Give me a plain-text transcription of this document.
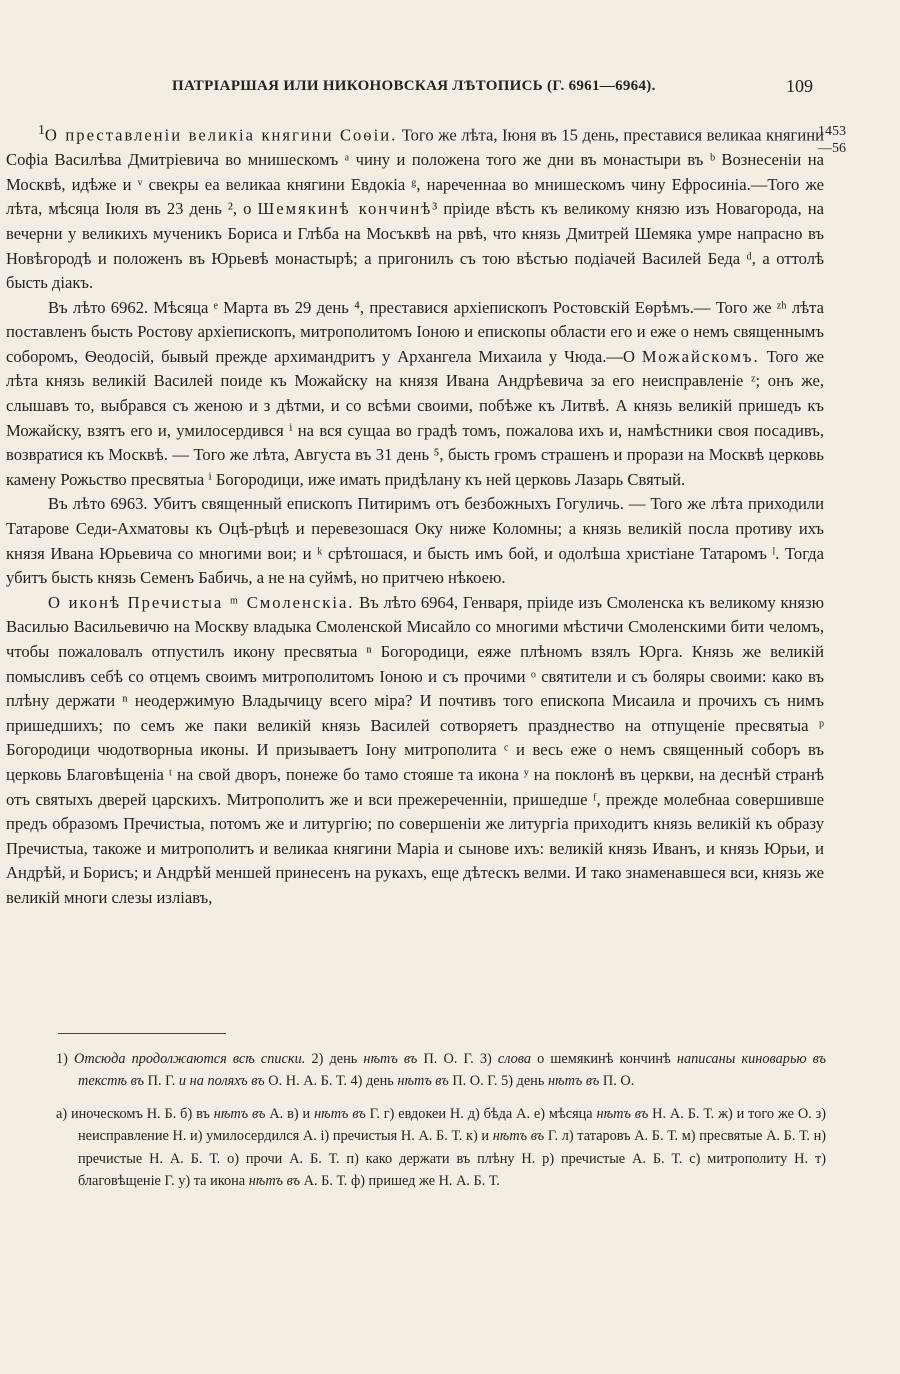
ПАТРІАРШАЯ ИЛИ НИКОНОВСКАЯ ЛѢТОПИСЬ (Г. 6961—6964).	109
1453
—56

$^1$О преставленіи великіа княгини Соѳіи. Того же лѣта, Іюня въ 15 день, преставися великаа княгини Софіа Василѣва Дмитріевича во мнишескомъ ᵃ чину и положена того же дни въ монастыри въ ᵇ Вознесеніи на Москвѣ, идѣже и ᵛ свекры еа великаа княгини Евдокіа ᵍ, нареченнаа во мнишескомъ чину Ефросиніа.—Того же лѣта, мѣсяца Іюля въ 23 день ², о Шемякинѣ кончинѣ³ пріиде вѣсть къ великому князю изъ Новагорода, на вечерни у великихъ мученикъ Бориса и Глѣба на Мосъквѣ на рвѣ, что князь Дмитрей Шемяка умре напрасно въ Новѣгородѣ и положенъ въ Юрьевѣ монастырѣ; а пригонилъ съ тою вѣстью подіачей Василей Беда ᵈ, а оттолѣ бысть діакъ.

Въ лѣто 6962. Мѣсяца ᵉ Марта въ 29 день ⁴, преставися архіепископъ Ростовскій Еѳрѣмъ.— Того же ᶻʰ лѣта поставленъ бысть Ростову архіепископъ, митрополитомъ Іоною и епископы области его и еже о немъ священнымъ соборомъ, Ѳеодосій, бывый прежде архимандритъ у Архангела Михаила у Чюда.—О Можайскомъ. Того же лѣта князь великій Василей поиде къ Можайску на князя Ивана Андрѣевича за его неисправленіе ᶻ; онъ же, слышавъ то, выбрався съ женою и з дѣтми, и со всѣми своими, побѣже къ Литвѣ. А князь великій пришедъ къ Можайску, взятъ его и, умилосердився ⁱ на вся сущаа во градѣ томъ, пожалова ихъ и, намѣстники своя посадивъ, возвратися къ Москвѣ. — Того же лѣта, Августа въ 31 день ⁵, бысть громъ страшенъ и прорази на Москвѣ церковь камену Рожьство пресвятыа ⁱ Богородици, иже имать придѣлану къ ней церковь Лазарь Святый.

Въ лѣто 6963. Убитъ священный епископъ Питиримъ отъ безбожныхъ Гогуличь. — Того же лѣта приходили Татарове Седи-Ахматовы къ Оцѣ-рѣцѣ и перевезошася Оку ниже Коломны; а князь великій посла противу ихъ князя Ивана Юрьевича со многими вои; и ᵏ срѣтошася, и бысть имъ бой, и одолѣша христіане Татаромъ ˡ. Тогда убитъ бысть князь Семенъ Бабичь, а не на суймѣ, но притчею нѣкоею.

О иконѣ Пречистыа ᵐ Смоленскіа. Въ лѣто 6964, Генваря, пріиде изъ Смоленска къ великому князю Василью Васильевичю на Москву владыка Смоленской Мисайло со многими мѣстичи Смоленскими бити челомъ, чтобы пожаловалъ отпустилъ икону пресвятыа ⁿ Богородици, еяже плѣномъ взялъ Юрга. Князь же великій помысливъ себѣ со отцемъ своимъ митрополитомъ Іоною и съ прочими ᵒ святители и съ боляры своими: како въ плѣну держати ⁿ неодержимую Владычицу всего міра? И почтивъ того епископа Мисаила и прочихъ съ нимъ пришедшихъ; по семъ же паки великій князь Василей сотворяетъ празднество на отпущеніе пресвятыа ᵖ Богородици чюдотворныа иконы. И призываетъ Іону митрополита ᶜ и весь еже о немъ священный соборъ въ церковь Благовѣщеніа ᵗ на свой дворъ, понеже бо тамо стояше та икона ʸ на поклонѣ въ церкви, на деснѣй странѣ отъ святыхъ дверей царскихъ. Митрополитъ же и вси прежереченніи, пришедше ᶠ, прежде молебнаа совершивше предъ образомъ Пречистыа, потомъ же и литургію; по совершеніи же литургіа приходитъ князь великій къ образу Пречистыа, такоже и митрополитъ и великаа княгини Маріа и сынове ихъ: великій князь Иванъ, и князь Юрьи, и Андрѣй, и Борисъ; и Андрѣй меншей принесенъ на рукахъ, еще дѣтескъ велми. И тако знаменавшеся вси, князь же великій многи слезы изліавъ,

1) Отсюда продолжаются всѣ списки. 2) день нѣтъ въ П. О. Г. 3) слова о шемякинѣ кончинѣ написаны киноварью въ текстѣ въ П. Г. и на поляхъ въ О. Н. А. Б. Т. 4) день нѣтъ въ П. О. Г. 5) день нѣтъ въ П. О.

а) иноческомъ Н. Б. б) въ нѣтъ въ А. в) и нѣтъ въ Г. г) евдокеи Н. д) бѣда А. е) мѣсяца нѣтъ въ Н. А. Б. Т. ж) и того же О. з) неисправление Н. и) умилосердился А. і) пречистыя Н. А. Б. Т. к) и нѣтъ въ Г. л) татаровъ А. Б. Т. м) пресвятые А. Б. Т. н) пречистые Н. А. Б. Т. о) прочи А. Б. Т. п) како держати въ плѣну Н. р) пречистые А. Б. Т. с) митрополиту Н. т) благовѣщеніе Г. у) та икона нѣтъ въ А. Б. Т. ф) пришед же Н. А. Б. Т.
